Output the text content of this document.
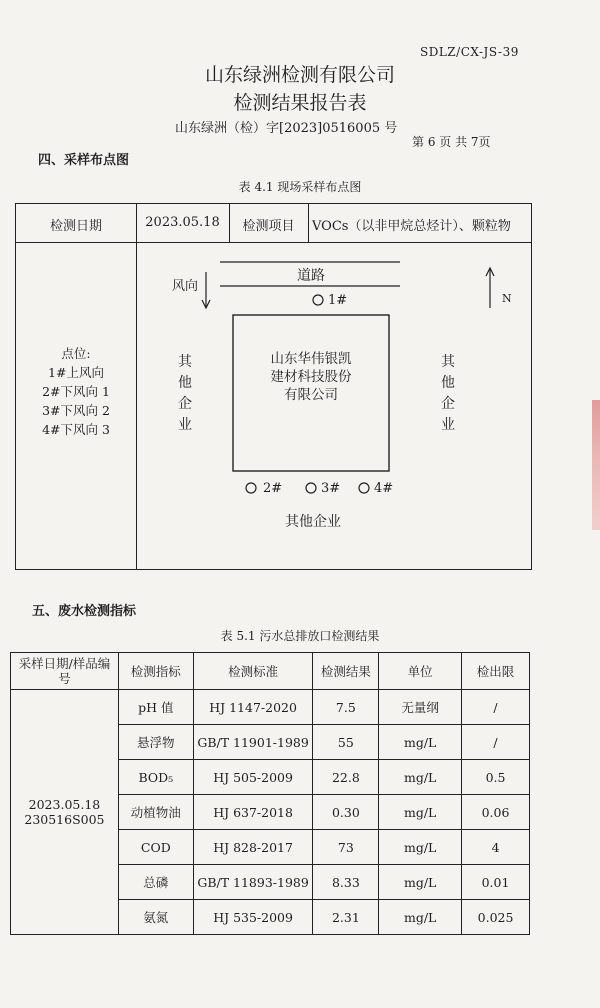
SDLZ/CX-JS-39
山东绿洲检测有限公司
检测结果报告表
山东绿洲（检）字[2023]0516005 号
第 6 页 共 7页
四、采样布点图
表 4.1 现场采样布点图
检测日期	2023.05.18	检测项目	VOCs（以非甲烷总烃计）、颗粒物
点位:
1#上风向
2#下风向 1
3#下风向 2
4#下风向 3
道路
风向
N
1#
2#	3#	4#
山东华伟银凯
建材科技股份
有限公司
其他企业
其他企业
其他企业
五、废水检测指标
表 5.1 污水总排放口检测结果
采样日期/样品编号	检测指标	检测标准	检测结果	单位	检出限

2023.05.18
230516S005	pH 值	HJ 1147-2020	7.5	无量纲	/
	悬浮物	GB/T 11901-1989	55	mg/L	/
	BOD₅	HJ 505-2009	22.8	mg/L	0.5
	动植物油	HJ 637-2018	0.30	mg/L	0.06
	COD	HJ 828-2017	73	mg/L	4
	总磷	GB/T 11893-1989	8.33	mg/L	0.01
	氨氮	HJ 535-2009	2.31	mg/L	0.025
